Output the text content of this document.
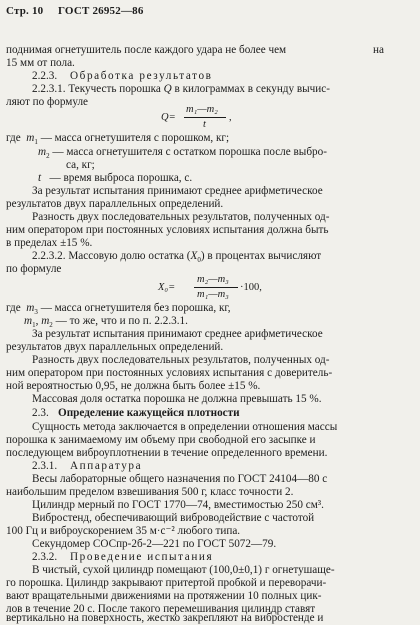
Стр. 10 ГОСТ 26952—86
поднимая огнетушитель после каждого удара не более чем	на
15 мм от пола.
2.2.3. Обработка результатов
2.2.3.1. Текучесть порошка Q в килограммах в секунду вычис-
ляют по формуле
Q=
m₁—m₂
t
,
где $m_1$ — масса огнетушителя с порошком, кг;
$m_2$ — масса огнетушителя с остатком порошка после выбро-
са, кг;
t — время выброса порошка, с.
За результат испытания принимают среднее арифметическое
результатов двух параллельных определений.
Разность двух последовательных результатов, полученных од-
ним оператором при постоянных условиях испытания должна быть
в пределах ±15 %.
2.2.3.2. Массовую долю остатка $(X_0)$ в процентах вычисляют
по формуле
X₀=
m₂—m₃
m₁—m₃
·100,
где $m_3$ — масса огнетушителя без порошка, кг,
$m_1$, $m_2$ — то же, что и по п. 2.2.3.1.
За результат испытания принимают среднее арифметическое
результатов двух параллельных определений.
Разность двух последовательных результатов, полученных од-
ним оператором при постоянных условиях испытания с доверитель-
ной вероятностью 0,95, не должна быть более ±15 %.
Массовая доля остатка порошка не должна превышать 15 %.
2.3. Определение кажущейся плотности
Сущность метода заключается в определении отношения массы
порошка к занимаемому им объему при свободной его засыпке и
последующем виброуплотнении в течение определенного времени.
2.3.1. Аппаратура
Весы лабораторные общего назначения по ГОСТ 24104—80 с
наибольшим пределом взвешивания 500 г, класс точности 2.
Цилиндр мерный по ГОСТ 1770—74, вместимостью 250 см³.
Вибростенд, обеспечивающий виброводействие с частотой
100 Гц и виброускорением 35 м·с⁻² любого типа.
Секундомер СОСпр-2б-2—221 по ГОСТ 5072—79.
2.3.2. Проведение испытания
В чистый, сухой цилиндр помещают (100,0±0,1) г огнетушаще-
го порошка. Цилиндр закрывают притертой пробкой и переворачи-
вают вращательными движениями на протяжении 10 полных цик-
лов в течение 20 с. После такого перемешивания цилиндр ставят
вертикально на поверхность, жестко закрепляют на вибростенде и
